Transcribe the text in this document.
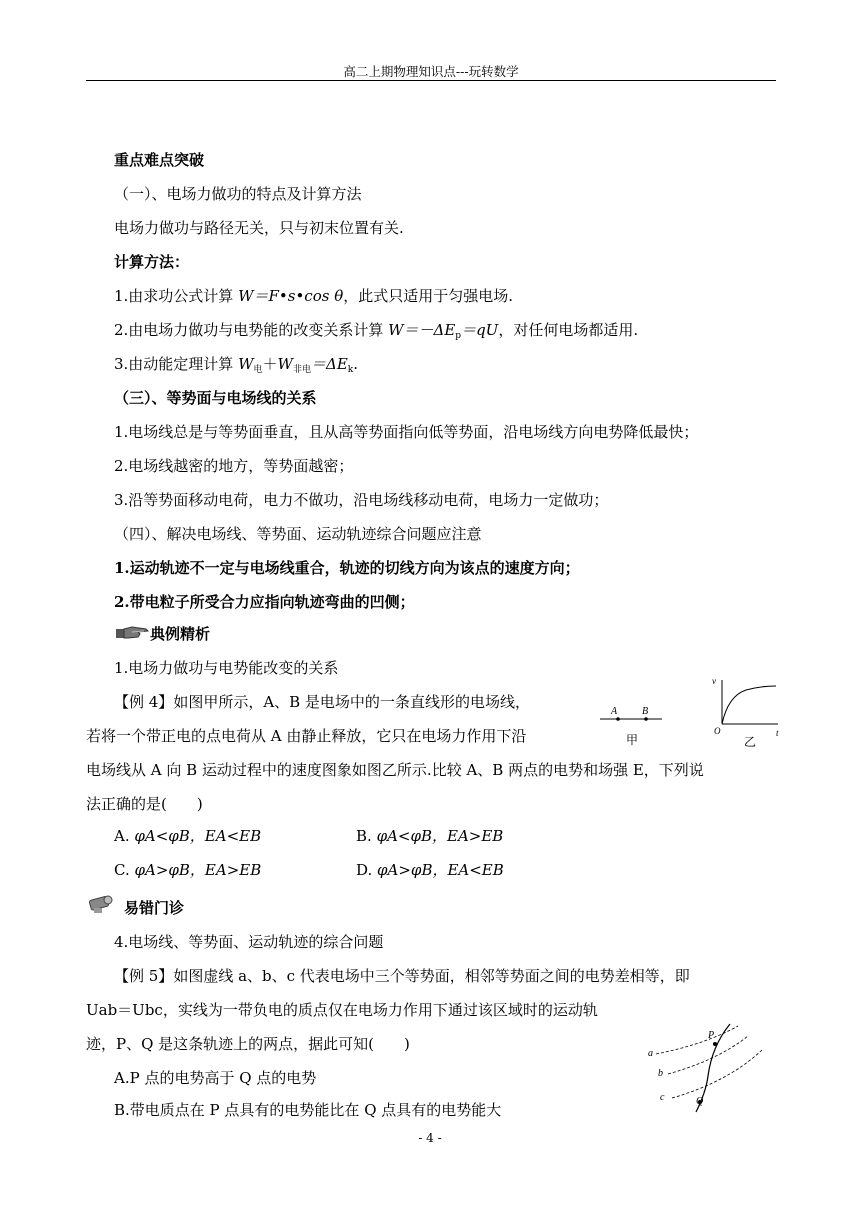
高二上期物理知识点---玩转数学
重点难点突破
（一）、电场力做功的特点及计算方法
电场力做功与路径无关，只与初末位置有关.
计算方法：
1.由求功公式计算 W＝F•s•cos θ，此式只适用于匀强电场.
2.由电场力做功与电势能的改变关系计算 $W=-\Delta E_p=qU$，对任何电场都适用.
3.由动能定理计算 $W_电+W_{非电}=\Delta E_k$.
（三）、等势面与电场线的关系
1.电场线总是与等势面垂直，且从高等势面指向低等势面，沿电场线方向电势降低最快；
2.电场线越密的地方，等势面越密；
3.沿等势面移动电荷，电力不做功，沿电场线移动电荷，电场力一定做功；
（四）、解决电场线、等势面、运动轨迹综合问题应注意
1.运动轨迹不一定与电场线重合，轨迹的切线方向为该点的速度方向；
2.带电粒子所受合力应指向轨迹弯曲的凹侧；
典例精析
1.电场力做功与电势能改变的关系
【例 4】如图甲所示，A、B 是电场中的一条直线形的电场线，
若将一个带正电的点电荷从 A 由静止释放，它只在电场力作用下沿
电场线从 A 向 B 运动过程中的速度图象如图乙所示.比较 A、B 两点的电势和场强 E，下列说
法正确的是(　　)
A. φA<φB，EA<EB	B. φA<φB，EA>EB
C. φA>φB，EA>EB	D. φA>φB，EA<EB
A B
甲
v
t
O
乙
易错门诊
4.电场线、等势面、运动轨迹的综合问题
【例 5】如图虚线 a、b、c 代表电场中三个等势面，相邻等势面之间的电势差相等，即
Uab＝Ubc，实线为一带负电的质点仅在电场力作用下通过该区域时的运动轨
迹，P、Q 是这条轨迹上的两点，据此可知(　　)
A.P 点的电势高于 Q 点的电势
B.带电质点在 P 点具有的电势能比在 Q 点具有的电势能大
P
Q
a
b
c
- 4 -
